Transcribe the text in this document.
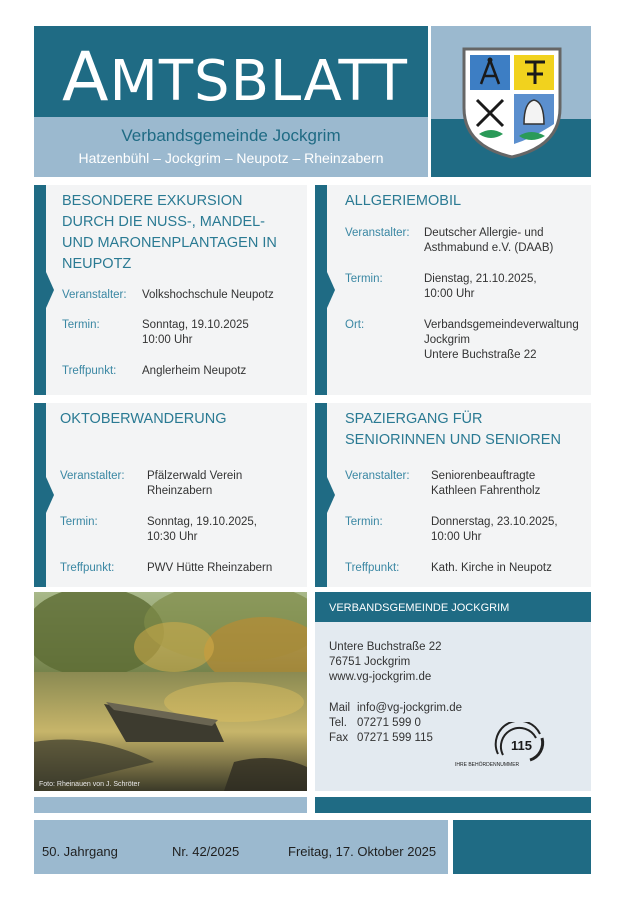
AMTSBLATT
Verbandsgemeinde Jockgrim
Hatzenbühl – Jockgrim – Neupotz – Rheinzabern
BESONDERE EXKURSION DURCH DIE NUSS-, MANDEL- UND MARONENPLANTAGEN IN NEUPOTZ
Veranstalter: Volkshochschule Neupotz
Termin:	Sonntag, 19.10.2025
10:00 Uhr
Treffpunkt: Anglerheim Neupotz
ALLGERIEMOBIL
Veranstalter: Deutscher Allergie- und
Asthmabund e.V. (DAAB)
Termin:	Dienstag, 21.10.2025,
10:00 Uhr
Ort:	Verbandsgemeindeverwaltung
Jockgrim
Untere Buchstraße 22
OKTOBERWANDERUNG
Veranstalter: Pfälzerwald Verein
Rheinzabern
Termin:	Sonntag, 19.10.2025,
10:30 Uhr
Treffpunkt:	PWV Hütte Rheinzabern
SPAZIERGANG FÜR SENIORINNEN UND SENIOREN
Veranstalter: Seniorenbeauftragte
Kathleen Fahrentholz
Termin:	Donnerstag, 23.10.2025,
10:00 Uhr
Treffpunkt:	Kath. Kirche in Neupotz
Foto: Rheinauen von J. Schröter
VERBANDSGEMEINDE JOCKGRIM
Untere Buchstraße 22
76751 Jockgrim
www.vg-jockgrim.de
Mail info@vg-jockgrim.de
Tel. 07271 599 0
Fax 07271 599 115	115
IHRE BEHÖRDENNUMMER
50. Jahrgang	Nr. 42/2025	Freitag, 17. Oktober 2025
